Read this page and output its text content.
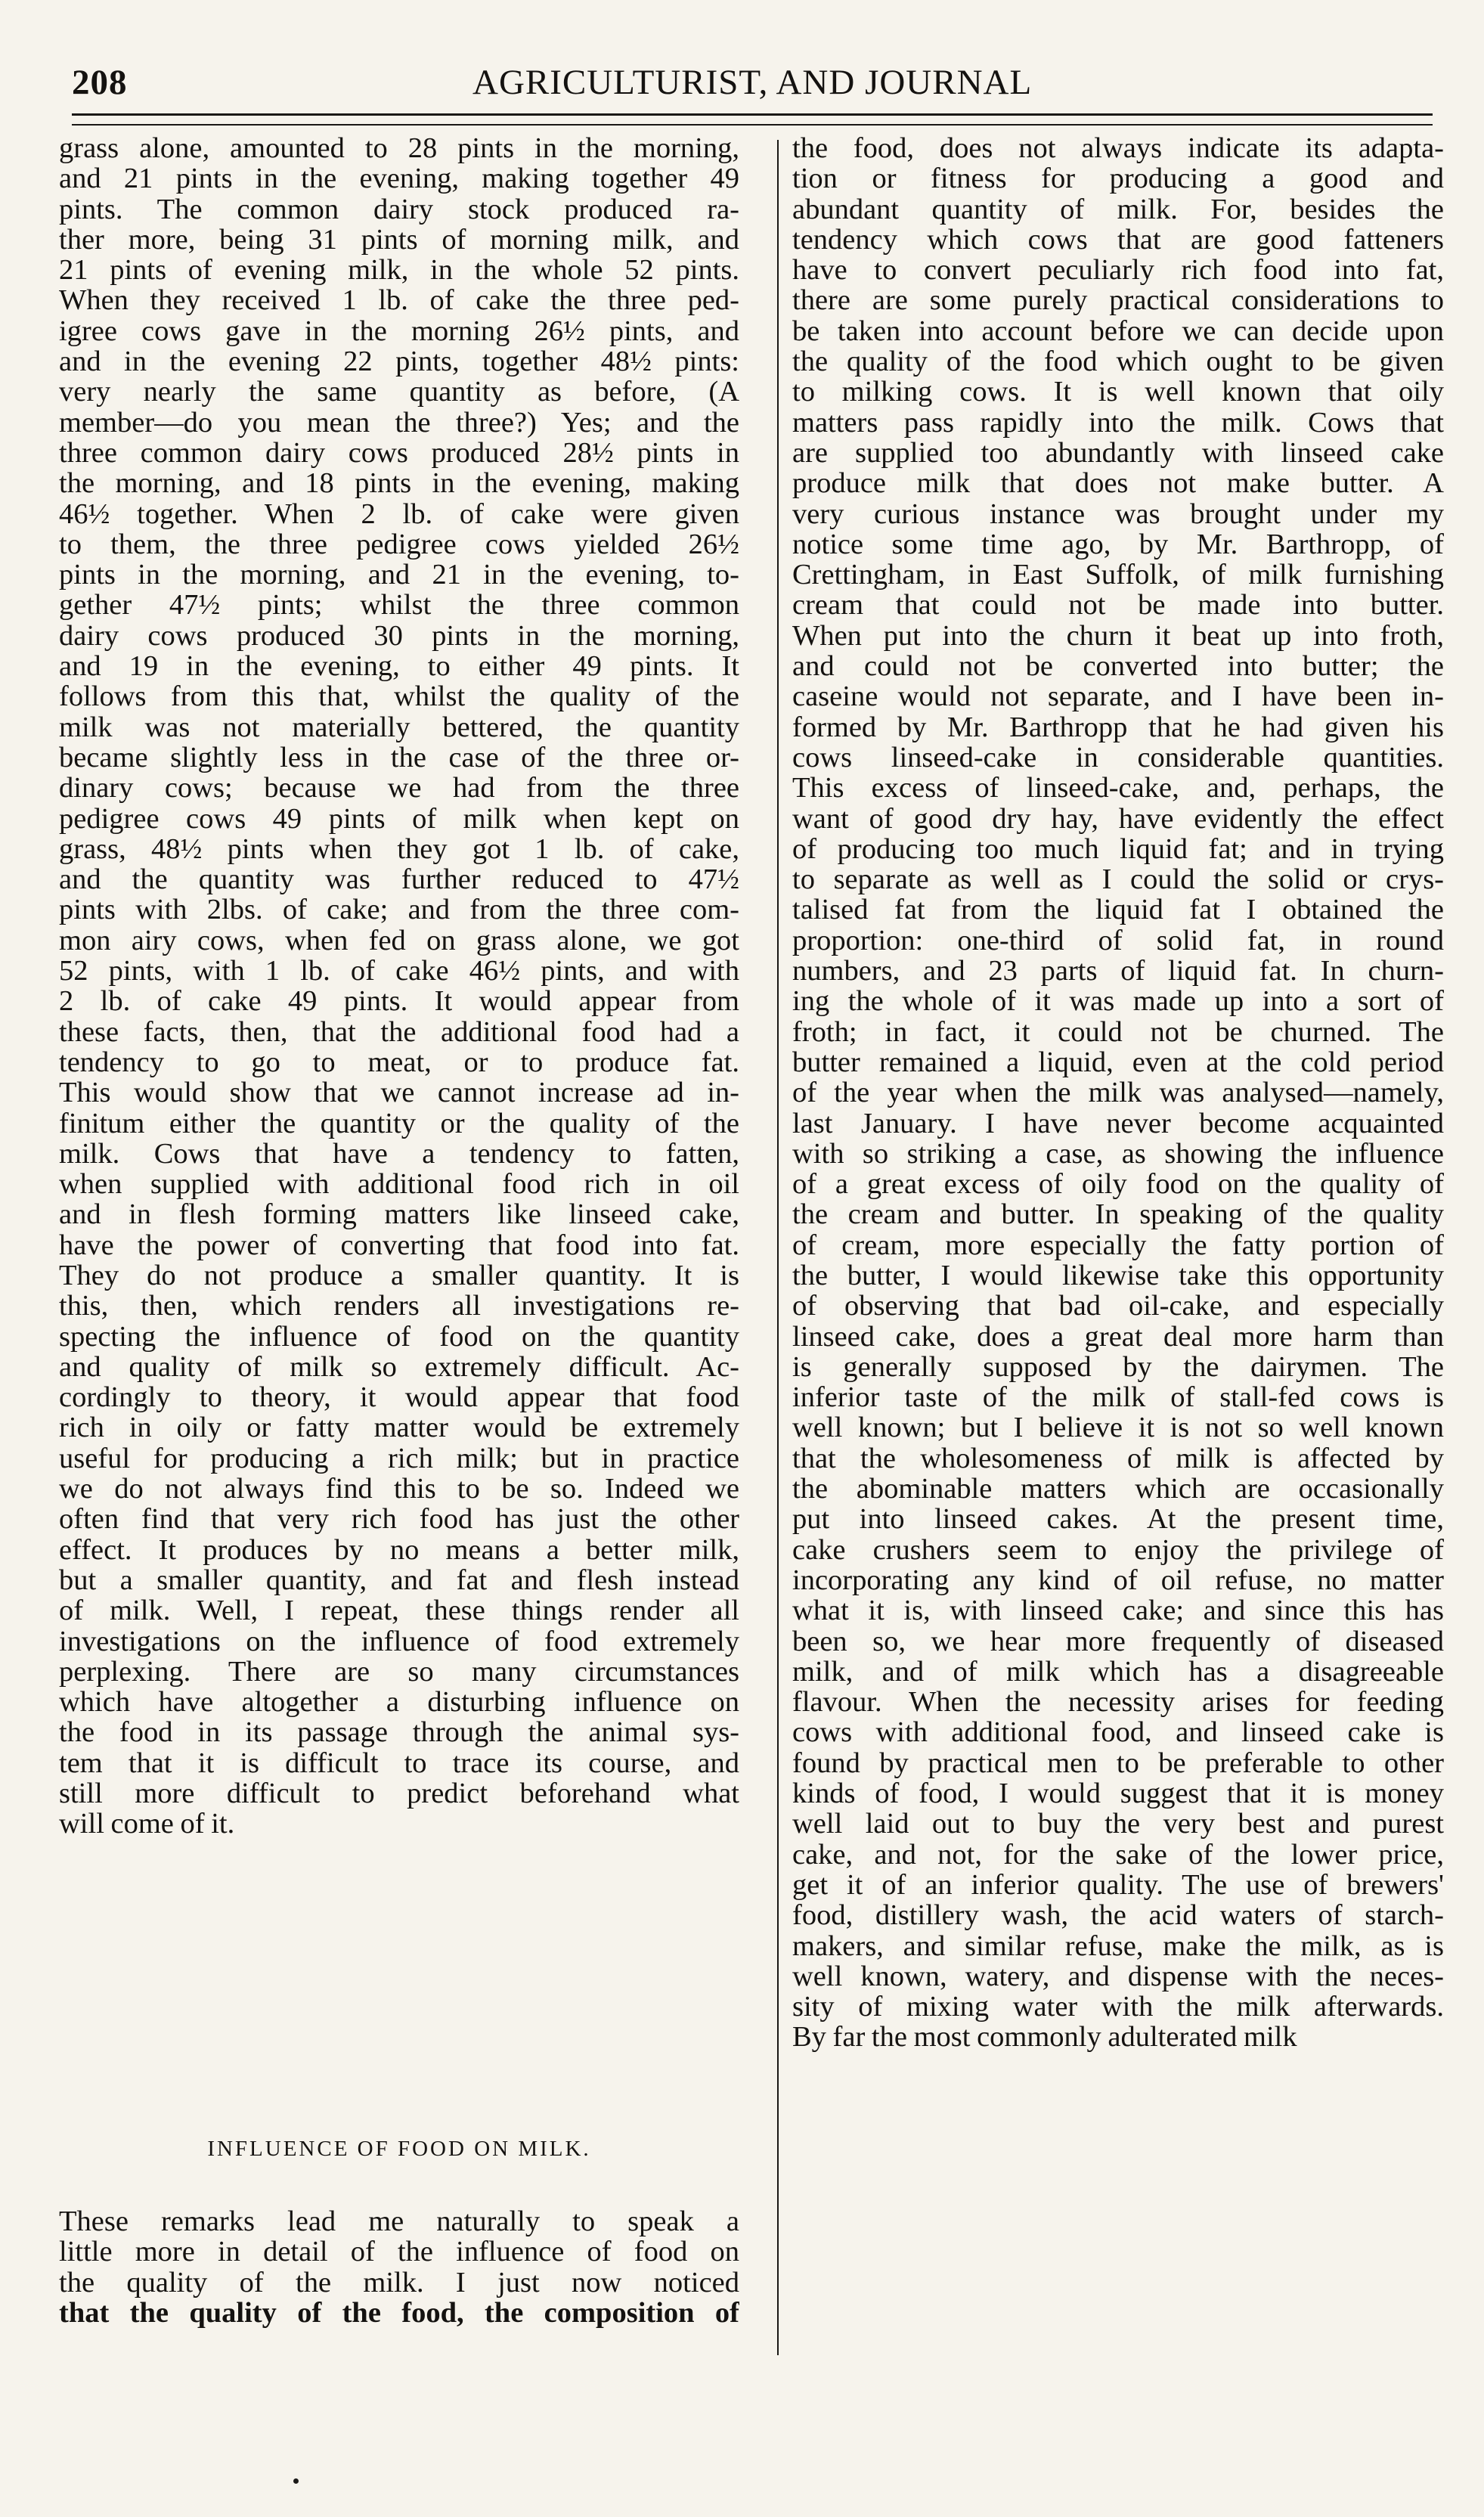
208	AGRICULTURIST, AND JOURNAL
grass alone, amounted to 28 pints in the morning,
and 21 pints in the evening, making together 49
pints. The common dairy stock produced ra-
ther more, being 31 pints of morning milk, and
21 pints of evening milk, in the whole 52 pints.
When they received 1 lb. of cake the three ped-
igree cows gave in the morning 26½ pints, and
and in the evening 22 pints, together 48½ pints:
very nearly the same quantity as before, (A
member—do you mean the three?) Yes; and the
three common dairy cows produced 28½ pints in
the morning, and 18 pints in the evening, making
46½ together. When 2 lb. of cake were given
to them, the three pedigree cows yielded 26½
pints in the morning, and 21 in the evening, to-
gether 47½ pints; whilst the three common
dairy cows produced 30 pints in the morning,
and 19 in the evening, to either 49 pints. It
follows from this that, whilst the quality of the
milk was not materially bettered, the quantity
became slightly less in the case of the three or-
dinary cows; because we had from the three
pedigree cows 49 pints of milk when kept on
grass, 48½ pints when they got 1 lb. of cake,
and the quantity was further reduced to 47½
pints with 2lbs. of cake; and from the three com-
mon airy cows, when fed on grass alone, we got
52 pints, with 1 lb. of cake 46½ pints, and with
2 lb. of cake 49 pints. It would appear from
these facts, then, that the additional food had a
tendency to go to meat, or to produce fat.
This would show that we cannot increase ad in-
finitum either the quantity or the quality of the
milk. Cows that have a tendency to fatten,
when supplied with additional food rich in oil
and in flesh forming matters like linseed cake,
have the power of converting that food into fat.
They do not produce a smaller quantity. It is
this, then, which renders all investigations re-
specting the influence of food on the quantity
and quality of milk so extremely difficult. Ac-
cordingly to theory, it would appear that food
rich in oily or fatty matter would be extremely
useful for producing a rich milk; but in practice
we do not always find this to be so. Indeed we
often find that very rich food has just the other
effect. It produces by no means a better milk,
but a smaller quantity, and fat and flesh instead
of milk. Well, I repeat, these things render all
investigations on the influence of food extremely
perplexing. There are so many circumstances
which have altogether a disturbing influence on
the food in its passage through the animal sys-
tem that it is difficult to trace its course, and
still more difficult to predict beforehand what
will come of it.
the food, does not always indicate its adapta-
tion or fitness for producing a good and
abundant quantity of milk. For, besides the
tendency which cows that are good fatteners
have to convert peculiarly rich food into fat,
there are some purely practical considerations to
be taken into account before we can decide upon
the quality of the food which ought to be given
to milking cows. It is well known that oily
matters pass rapidly into the milk. Cows that
are supplied too abundantly with linseed cake
produce milk that does not make butter. A
very curious instance was brought under my
notice some time ago, by Mr. Barthropp, of
Crettingham, in East Suffolk, of milk furnishing
cream that could not be made into butter.
When put into the churn it beat up into froth,
and could not be converted into butter; the
caseine would not separate, and I have been in-
formed by Mr. Barthropp that he had given his
cows linseed-cake in considerable quantities.
This excess of linseed-cake, and, perhaps, the
want of good dry hay, have evidently the effect
of producing too much liquid fat; and in trying
to separate as well as I could the solid or crys-
talised fat from the liquid fat I obtained the
proportion: one-third of solid fat, in round
numbers, and 23 parts of liquid fat. In churn-
ing the whole of it was made up into a sort of
froth; in fact, it could not be churned. The
butter remained a liquid, even at the cold period
of the year when the milk was analysed—namely,
last January. I have never become acquainted
with so striking a case, as showing the influence
of a great excess of oily food on the quality of
the cream and butter. In speaking of the quality
of cream, more especially the fatty portion of
the butter, I would likewise take this opportunity
of observing that bad oil-cake, and especially
linseed cake, does a great deal more harm than
is generally supposed by the dairymen. The
inferior taste of the milk of stall-fed cows is
well known; but I believe it is not so well known
that the wholesomeness of milk is affected by
the abominable matters which are occasionally
put into linseed cakes. At the present time,
cake crushers seem to enjoy the privilege of
incorporating any kind of oil refuse, no matter
what it is, with linseed cake; and since this has
been so, we hear more frequently of diseased
milk, and of milk which has a disagreeable
flavour. When the necessity arises for feeding
cows with additional food, and linseed cake is
found by practical men to be preferable to other
kinds of food, I would suggest that it is money
well laid out to buy the very best and purest
cake, and not, for the sake of the lower price,
get it of an inferior quality. The use of brewers'
food, distillery wash, the acid waters of starch-
makers, and similar refuse, make the milk, as is
well known, watery, and dispense with the neces-
sity of mixing water with the milk afterwards.
By far the most commonly adulterated milk
INFLUENCE OF FOOD ON MILK.
These remarks lead me naturally to speak a
little more in detail of the influence of food on
the quality of the milk. I just now noticed
that the quality of the food, the composition of
